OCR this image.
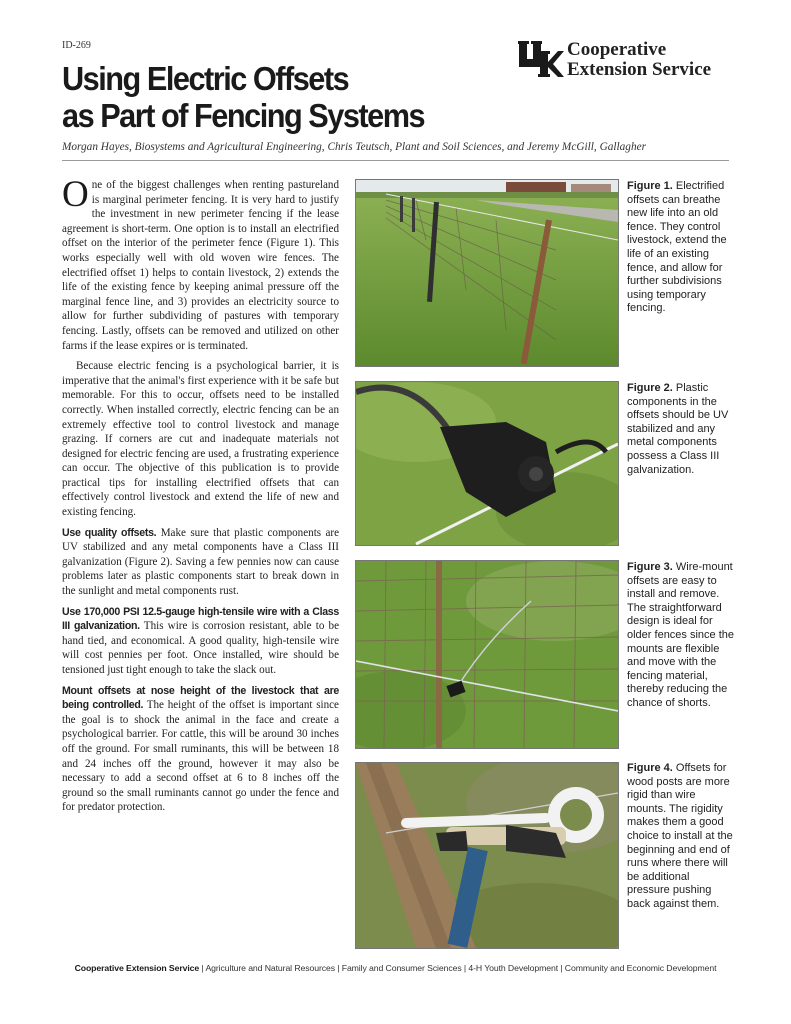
ID-269	Cooperative
Extension Service
Using Electric Offsets
as Part of Fencing Systems
Morgan Hayes, Biosystems and Agricultural Engineering, Chris Teutsch, Plant and Soil Sciences, and Jeremy McGill, Gallagher

One of the biggest challenges when renting pastureland is marginal perimeter fencing. It is very hard to justify the investment in new perimeter fencing if the lease agreement is short-term. One option is to install an electrified offset on the interior of the perimeter fence (Figure 1). This works especially well with old woven wire fences. The electrified offset 1) helps to contain livestock, 2) extends the life of the existing fence by keeping animal pressure off the marginal fence line, and 3) provides an electricity source to allow for further subdividing of pastures with temporary fencing. Lastly, offsets can be removed and utilized on other farms if the lease expires or is terminated.

Because electric fencing is a psychological barrier, it is imperative that the animal's first experience with it be safe but memorable. For this to occur, offsets need to be installed correctly. When installed correctly, electric fencing can be an extremely effective tool to control livestock and manage grazing. If corners are cut and inadequate materials not designed for electric fencing are used, a frustrating experience can occur. The objective of this publication is to provide practical tips for installing electrified offsets that can effectively control livestock and extend the life of new and existing fencing.

Use quality offsets. Make sure that plastic components are UV stabilized and any metal components have a Class III galvanization (Figure 2). Saving a few pennies now can cause problems later as plastic components start to break down in the sunlight and metal components rust.

Use 170,000 PSI 12.5-gauge high-tensile wire with a Class III galvanization. This wire is corrosion resistant, able to be hand tied, and economical. A good quality, high-tensile wire will cost pennies per foot. Once installed, wire should be tensioned just tight enough to take the slack out.

Mount offsets at nose height of the livestock that are being controlled. The height of the offset is important since the goal is to shock the animal in the face and create a psychological barrier. For cattle, this will be around 30 inches off the ground. For small ruminants, this will be between 18 and 24 inches off the ground, however it may also be necessary to add a second offset at 6 to 8 inches off the ground so the small ruminants cannot go under the fence and for predator protection.

Figure 1. Electrified offsets can breathe new life into an old fence. They control livestock, extend the life of an existing fence, and allow for further subdivisions using temporary fencing.
Figure 2. Plastic components in the offsets should be UV stabilized and any metal components possess a Class III galvanization.
Figure 3. Wire-mount offsets are easy to install and remove. The straightforward design is ideal for older fences since the mounts are flexible and move with the fencing material, thereby reducing the chance of shorts.
Figure 4. Offsets for wood posts are more rigid than wire mounts. The rigidity makes them a good choice to install at the beginning and end of runs where there will be additional pressure pushing back against them.
Cooperative Extension Service | Agriculture and Natural Resources | Family and Consumer Sciences | 4-H Youth Development | Community and Economic Development
